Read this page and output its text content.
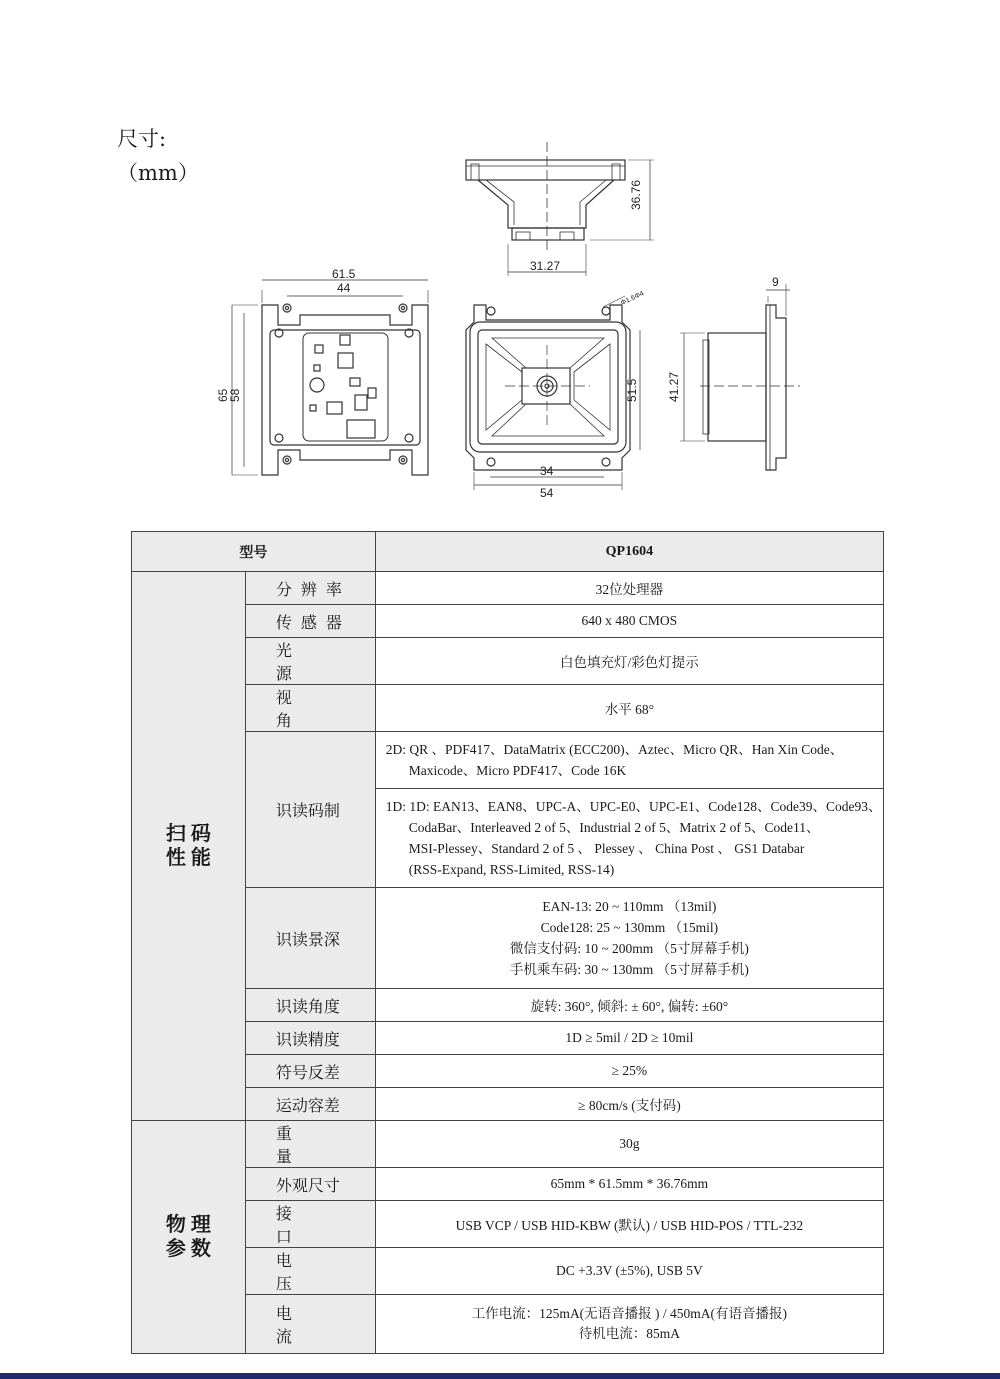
尺寸:
（mm）
36.76
31.27
61.5
44
65
58
Φ1.6Φ4
51.5
34
54
9
41.27
型号		QP1604

扫 码
性 能	分辨率	32位处理器
	传感器	640 x 480 CMOS
	光源	白色填充灯/彩色灯提示
	视角	水平 68°
	识读码制	2D: QR 、PDF417、DataMatrix (ECC200)、Aztec、Micro QR、Han Xin Code、
Maxicode、Micro PDF417、Code 16K

		1D: 1D: EAN13、EAN8、UPC-A、UPC-E0、UPC-E1、Code128、Code39、Code93、
CodaBar、Interleaved 2 of 5、Industrial 2 of 5、Matrix 2 of 5、Code11、
MSI-Plessey、Standard 2 of 5 、 Plessey 、 China Post 、 GS1 Databar
(RSS-Expand, RSS-Limited, RSS-14)

	识读景深	EAN-13: 20 ~ 110mm （13mil)
Code128: 25 ~ 130mm （15mil)
微信支付码: 10 ~ 200mm （5寸屏幕手机)
手机乘车码: 30 ~ 130mm （5寸屏幕手机)

	识读角度	旋转: 360°, 倾斜: ± 60°, 偏转: ±60°
	识读精度	1D ≥ 5mil / 2D ≥ 10mil
	符号反差	≥ 25%
	运动容差	≥ 80cm/s (支付码)

物 理
参 数	重量	30g
	外观尺寸	65mm * 61.5mm * 36.76mm
	接口	USB VCP / USB HID-KBW (默认) / USB HID-POS / TTL-232
	电压	DC +3.3V (±5%), USB 5V
	电流	工作电流：125mA(无语音播报 ) / 450mA(有语音播报)
待机电流：85mA
